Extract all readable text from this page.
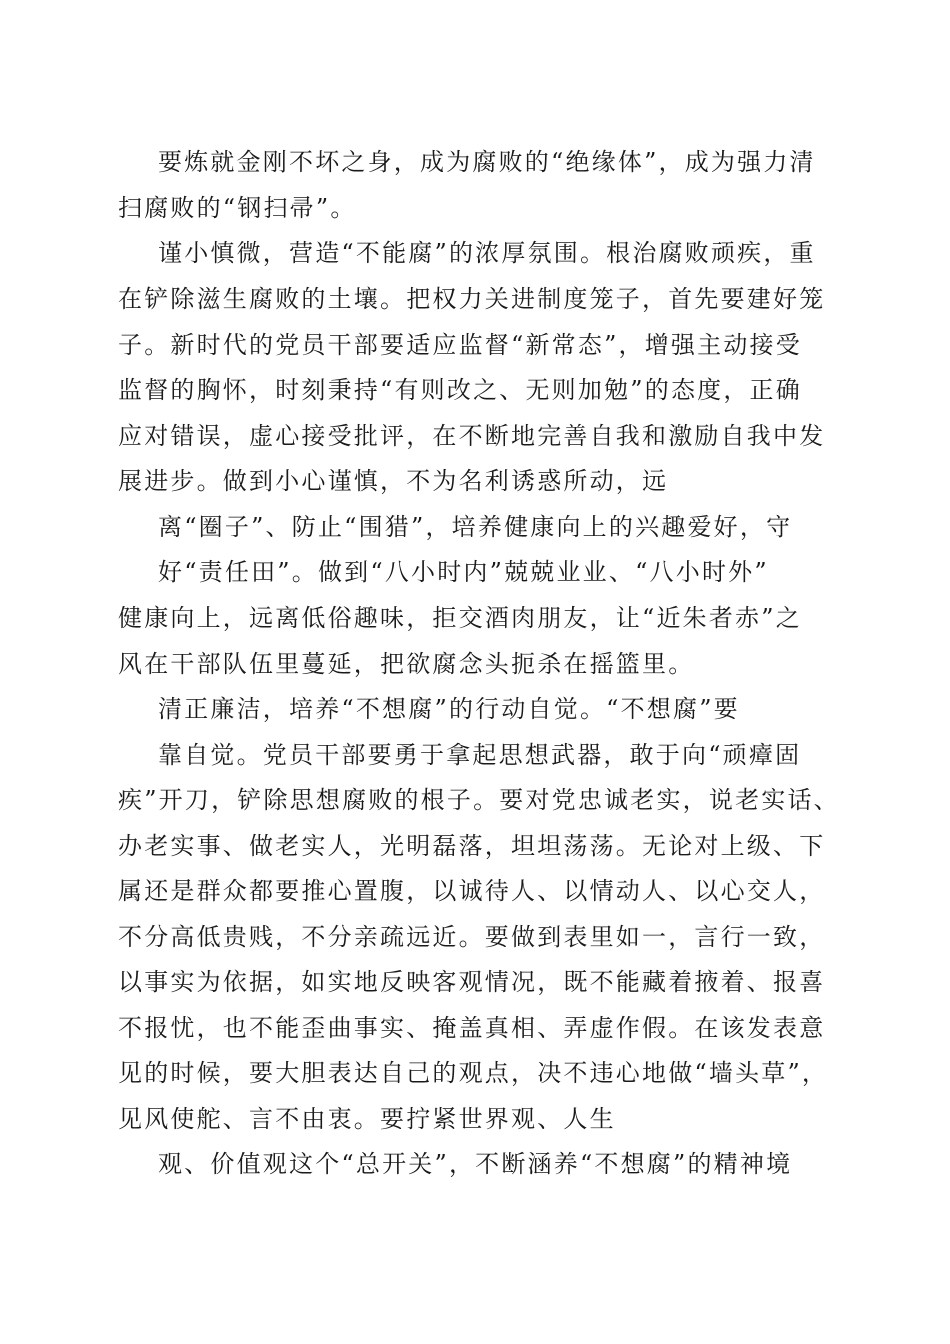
要炼就金刚不坏之身，成为腐败的“绝缘体”，成为强力清
扫腐败的“钢扫帚”。
谨小慎微，营造“不能腐”的浓厚氛围。根治腐败顽疾，重
在铲除滋生腐败的土壤。把权力关进制度笼子，首先要建好笼
子。新时代的党员干部要适应监督“新常态”，增强主动接受
监督的胸怀，时刻秉持“有则改之、无则加勉”的态度，正确
应对错误，虚心接受批评，在不断地完善自我和激励自我中发
展进步。做到小心谨慎，不为名利诱惑所动，远
离“圈子”、防止“围猎”，培养健康向上的兴趣爱好，守
好“责任田”。做到“八小时内”兢兢业业、“八小时外”
健康向上，远离低俗趣味，拒交酒肉朋友，让“近朱者赤”之
风在干部队伍里蔓延，把欲腐念头扼杀在摇篮里。
清正廉洁，培养“不想腐”的行动自觉。“不想腐”要
靠自觉。党员干部要勇于拿起思想武器，敢于向“顽瘴固
疾”开刀，铲除思想腐败的根子。要对党忠诚老实，说老实话、
办老实事、做老实人，光明磊落，坦坦荡荡。无论对上级、下
属还是群众都要推心置腹，以诚待人、以情动人、以心交人，
不分高低贵贱，不分亲疏远近。要做到表里如一，言行一致，
以事实为依据，如实地反映客观情况，既不能藏着掖着、报喜
不报忧，也不能歪曲事实、掩盖真相、弄虚作假。在该发表意
见的时候，要大胆表达自己的观点，决不违心地做“墙头草”，
见风使舵、言不由衷。要拧紧世界观、人生
观、价值观这个“总开关”，不断涵养“不想腐”的精神境
